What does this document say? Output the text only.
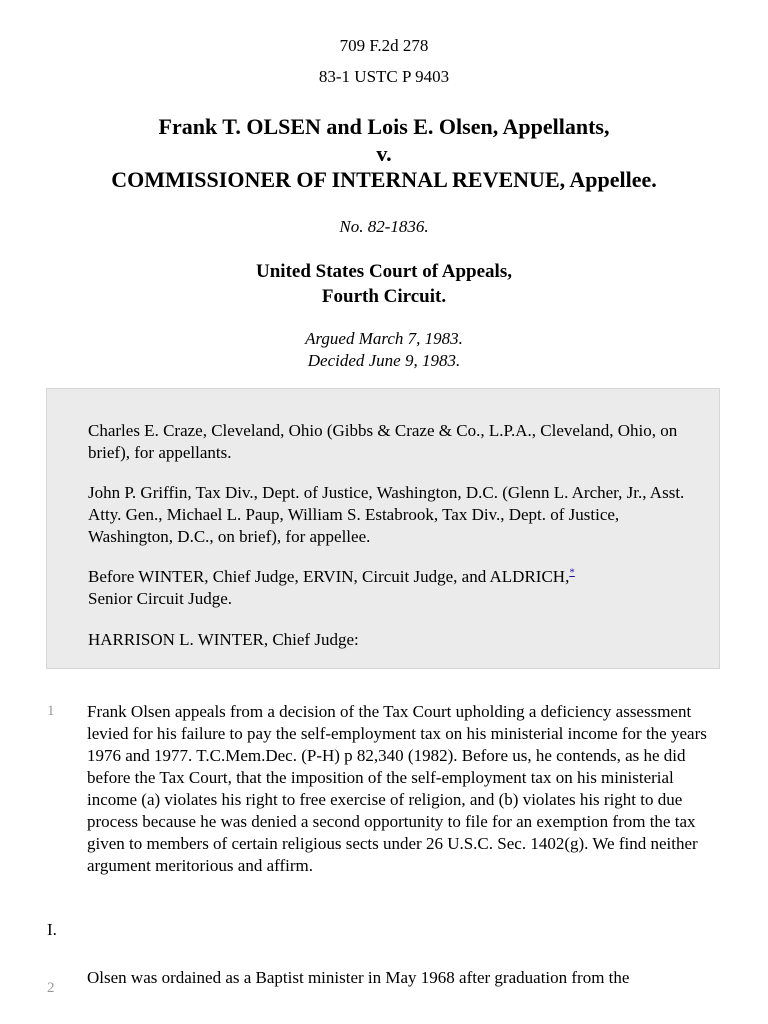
709 F.2d 278
83-1 USTC P 9403
Frank T. OLSEN and Lois E. Olsen, Appellants,
v.
COMMISSIONER OF INTERNAL REVENUE, Appellee.
No. 82-1836.
United States Court of Appeals,
Fourth Circuit.
Argued March 7, 1983.
Decided June 9, 1983.

Charles E. Craze, Cleveland, Ohio (Gibbs & Craze & Co., L.P.A., Cleveland, Ohio, on brief), for appellants.

John P. Griffin, Tax Div., Dept. of Justice, Washington, D.C. (Glenn L. Archer, Jr., Asst. Atty. Gen., Michael L. Paup, William S. Estabrook, Tax Div., Dept. of Justice, Washington, D.C., on brief), for appellee.

Before WINTER, Chief Judge, ERVIN, Circuit Judge, and ALDRICH,*
Senior Circuit Judge.

HARRISON L. WINTER, Chief Judge:

1 Frank Olsen appeals from a decision of the Tax Court upholding a deficiency assessment levied for his failure to pay the self-employment tax on his ministerial income for the years 1976 and 1977. T.C.Mem.Dec. (P-H) p 82,340 (1982). Before us, he contends, as he did before the Tax Court, that the imposition of the self-employment tax on his ministerial income (a) violates his right to free exercise of religion, and (b) violates his right to due process because he was denied a second opportunity to file for an exemption from the tax given to members of certain religious sects under 26 U.S.C. Sec. 1402(g). We find neither argument meritorious and affirm.

I.
2

Olsen was ordained as a Baptist minister in May 1968 after graduation from the
